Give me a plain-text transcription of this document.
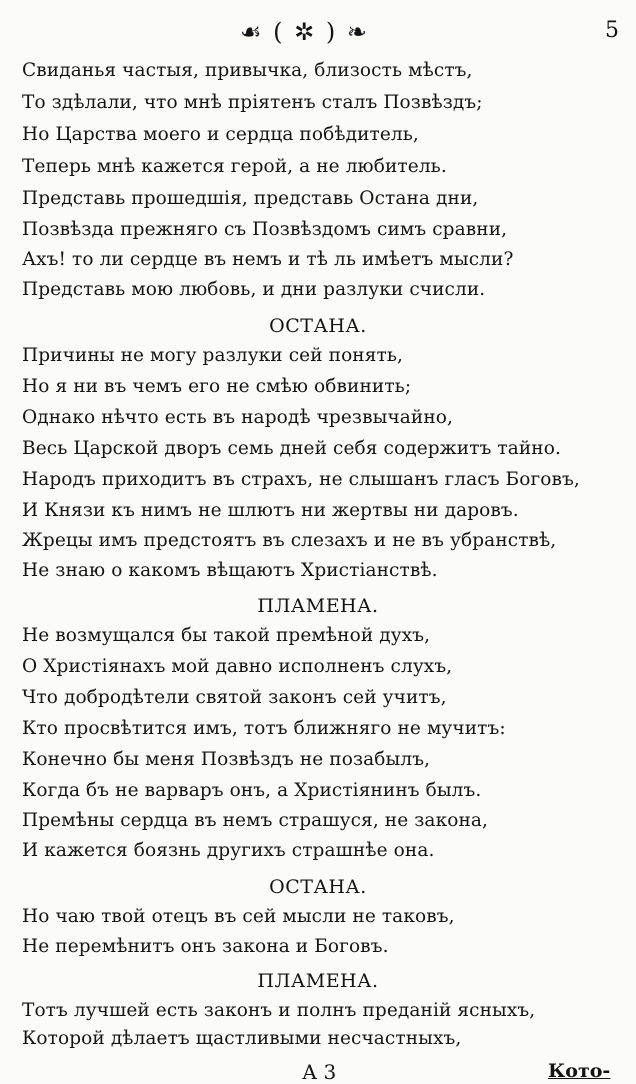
☙ ( ✲ ) ❧	5
Свиданья частыя, привычка, близость мѣстъ,
То здѣлали, что мнѣ пріятенъ сталъ Позвѣздъ;
Но Царства моего и сердца побѣдитель,
Теперь мнѣ кажется герой, а не любитель.
Представь прошедшія, представь Остана дни,
Позвѣзда прежняго съ Позвѣздомъ симъ сравни,
Ахъ! то ли сердце въ немъ и тѣ ль имѣетъ мысли?
Представь мою любовь, и дни разлуки счисли.
ОСТАНА.
Причины не могу разлуки сей понять,
Но я ни въ чемъ его не смѣю обвинить;
Однако нѣчто есть въ народѣ чрезвычайно,
Весь Царской дворъ семь дней себя содержитъ тайно.
Народъ приходитъ въ страхъ, не слышанъ гласъ Боговъ,
И Князи къ нимъ не шлютъ ни жертвы ни даровъ.
Жрецы имъ предстоятъ въ слезахъ и не въ убранствѣ,
Не знаю о какомъ вѣщаютъ Христіанствѣ.
ПЛАМЕНА.
Не возмущался бы такой премѣной духъ,
О Христіянахъ мой давно исполненъ слухъ,
Что добродѣтели святой законъ сей учитъ,
Кто просвѣтится имъ, тотъ ближняго не мучитъ:
Конечно бы меня Позвѣздъ не позабылъ,
Когда бъ не варваръ онъ, а Христіянинъ былъ.
Премѣны сердца въ немъ страшуся, не закона,
И кажется боязнь другихъ страшнѣе она.
ОСТАНА.
Но чаю твой отецъ въ сей мысли не таковъ,
Не перемѣнитъ онъ закона и Боговъ.
ПЛАМЕНА.
Тотъ лучшей есть законъ и полнъ преданій ясныхъ,
Которой дѣлаетъ щастливыми несчастныхъ,
А 3	Кото-
